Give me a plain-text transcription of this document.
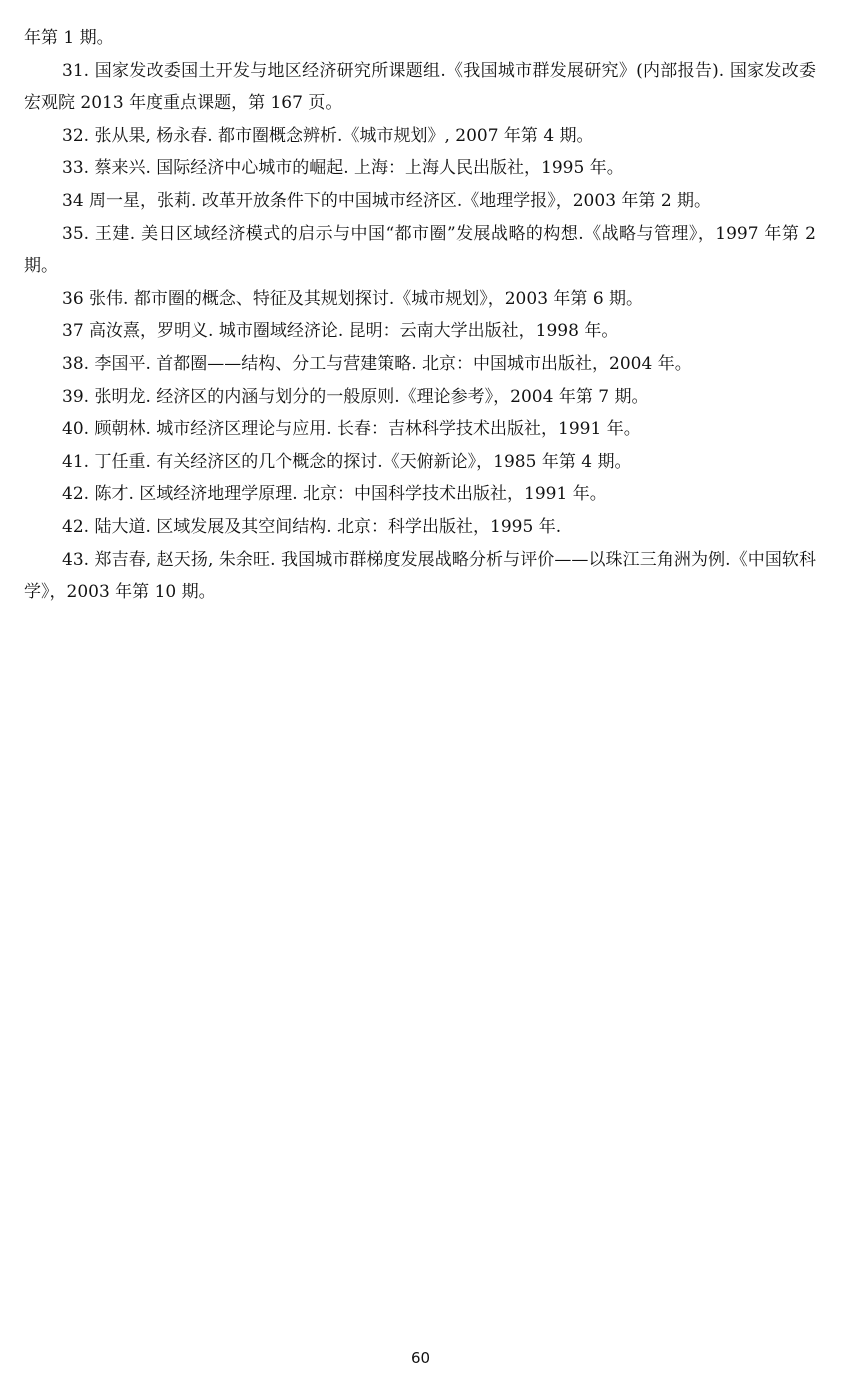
年第 1 期。

31. 国家发改委国土开发与地区经济研究所课题组.《我国城市群发展研究》(内部报告). 国家发改委宏观院 2013 年度重点课题，第 167 页。

32. 张从果, 杨永春. 都市圈概念辨析.《城市规划》, 2007 年第 4 期。

33. 蔡来兴. 国际经济中心城市的崛起. 上海：上海人民出版社，1995 年。

34 周一星，张莉. 改革开放条件下的中国城市经济区.《地理学报》，2003 年第 2 期。

35. 王建. 美日区域经济模式的启示与中国“都市圈”发展战略的构想.《战略与管理》，1997 年第 2 期。

36 张伟. 都市圈的概念、特征及其规划探讨.《城市规划》，2003 年第 6 期。

37 高汝熹，罗明义. 城市圈域经济论. 昆明：云南大学出版社，1998 年。

38. 李国平. 首都圈——结构、分工与营建策略. 北京：中国城市出版社，2004 年。

39. 张明龙. 经济区的内涵与划分的一般原则.《理论参考》，2004 年第 7 期。

40. 顾朝林. 城市经济区理论与应用. 长春：吉林科学技术出版社，1991 年。

41. 丁任重. 有关经济区的几个概念的探讨.《天俯新论》，1985 年第 4 期。

42. 陈才. 区域经济地理学原理. 北京：中国科学技术出版社，1991 年。

42. 陆大道. 区域发展及其空间结构. 北京：科学出版社，1995 年.

43. 郑吉春, 赵天扬, 朱余旺. 我国城市群梯度发展战略分析与评价——以珠江三角洲为例.《中国软科学》，2003 年第 10 期。

60
